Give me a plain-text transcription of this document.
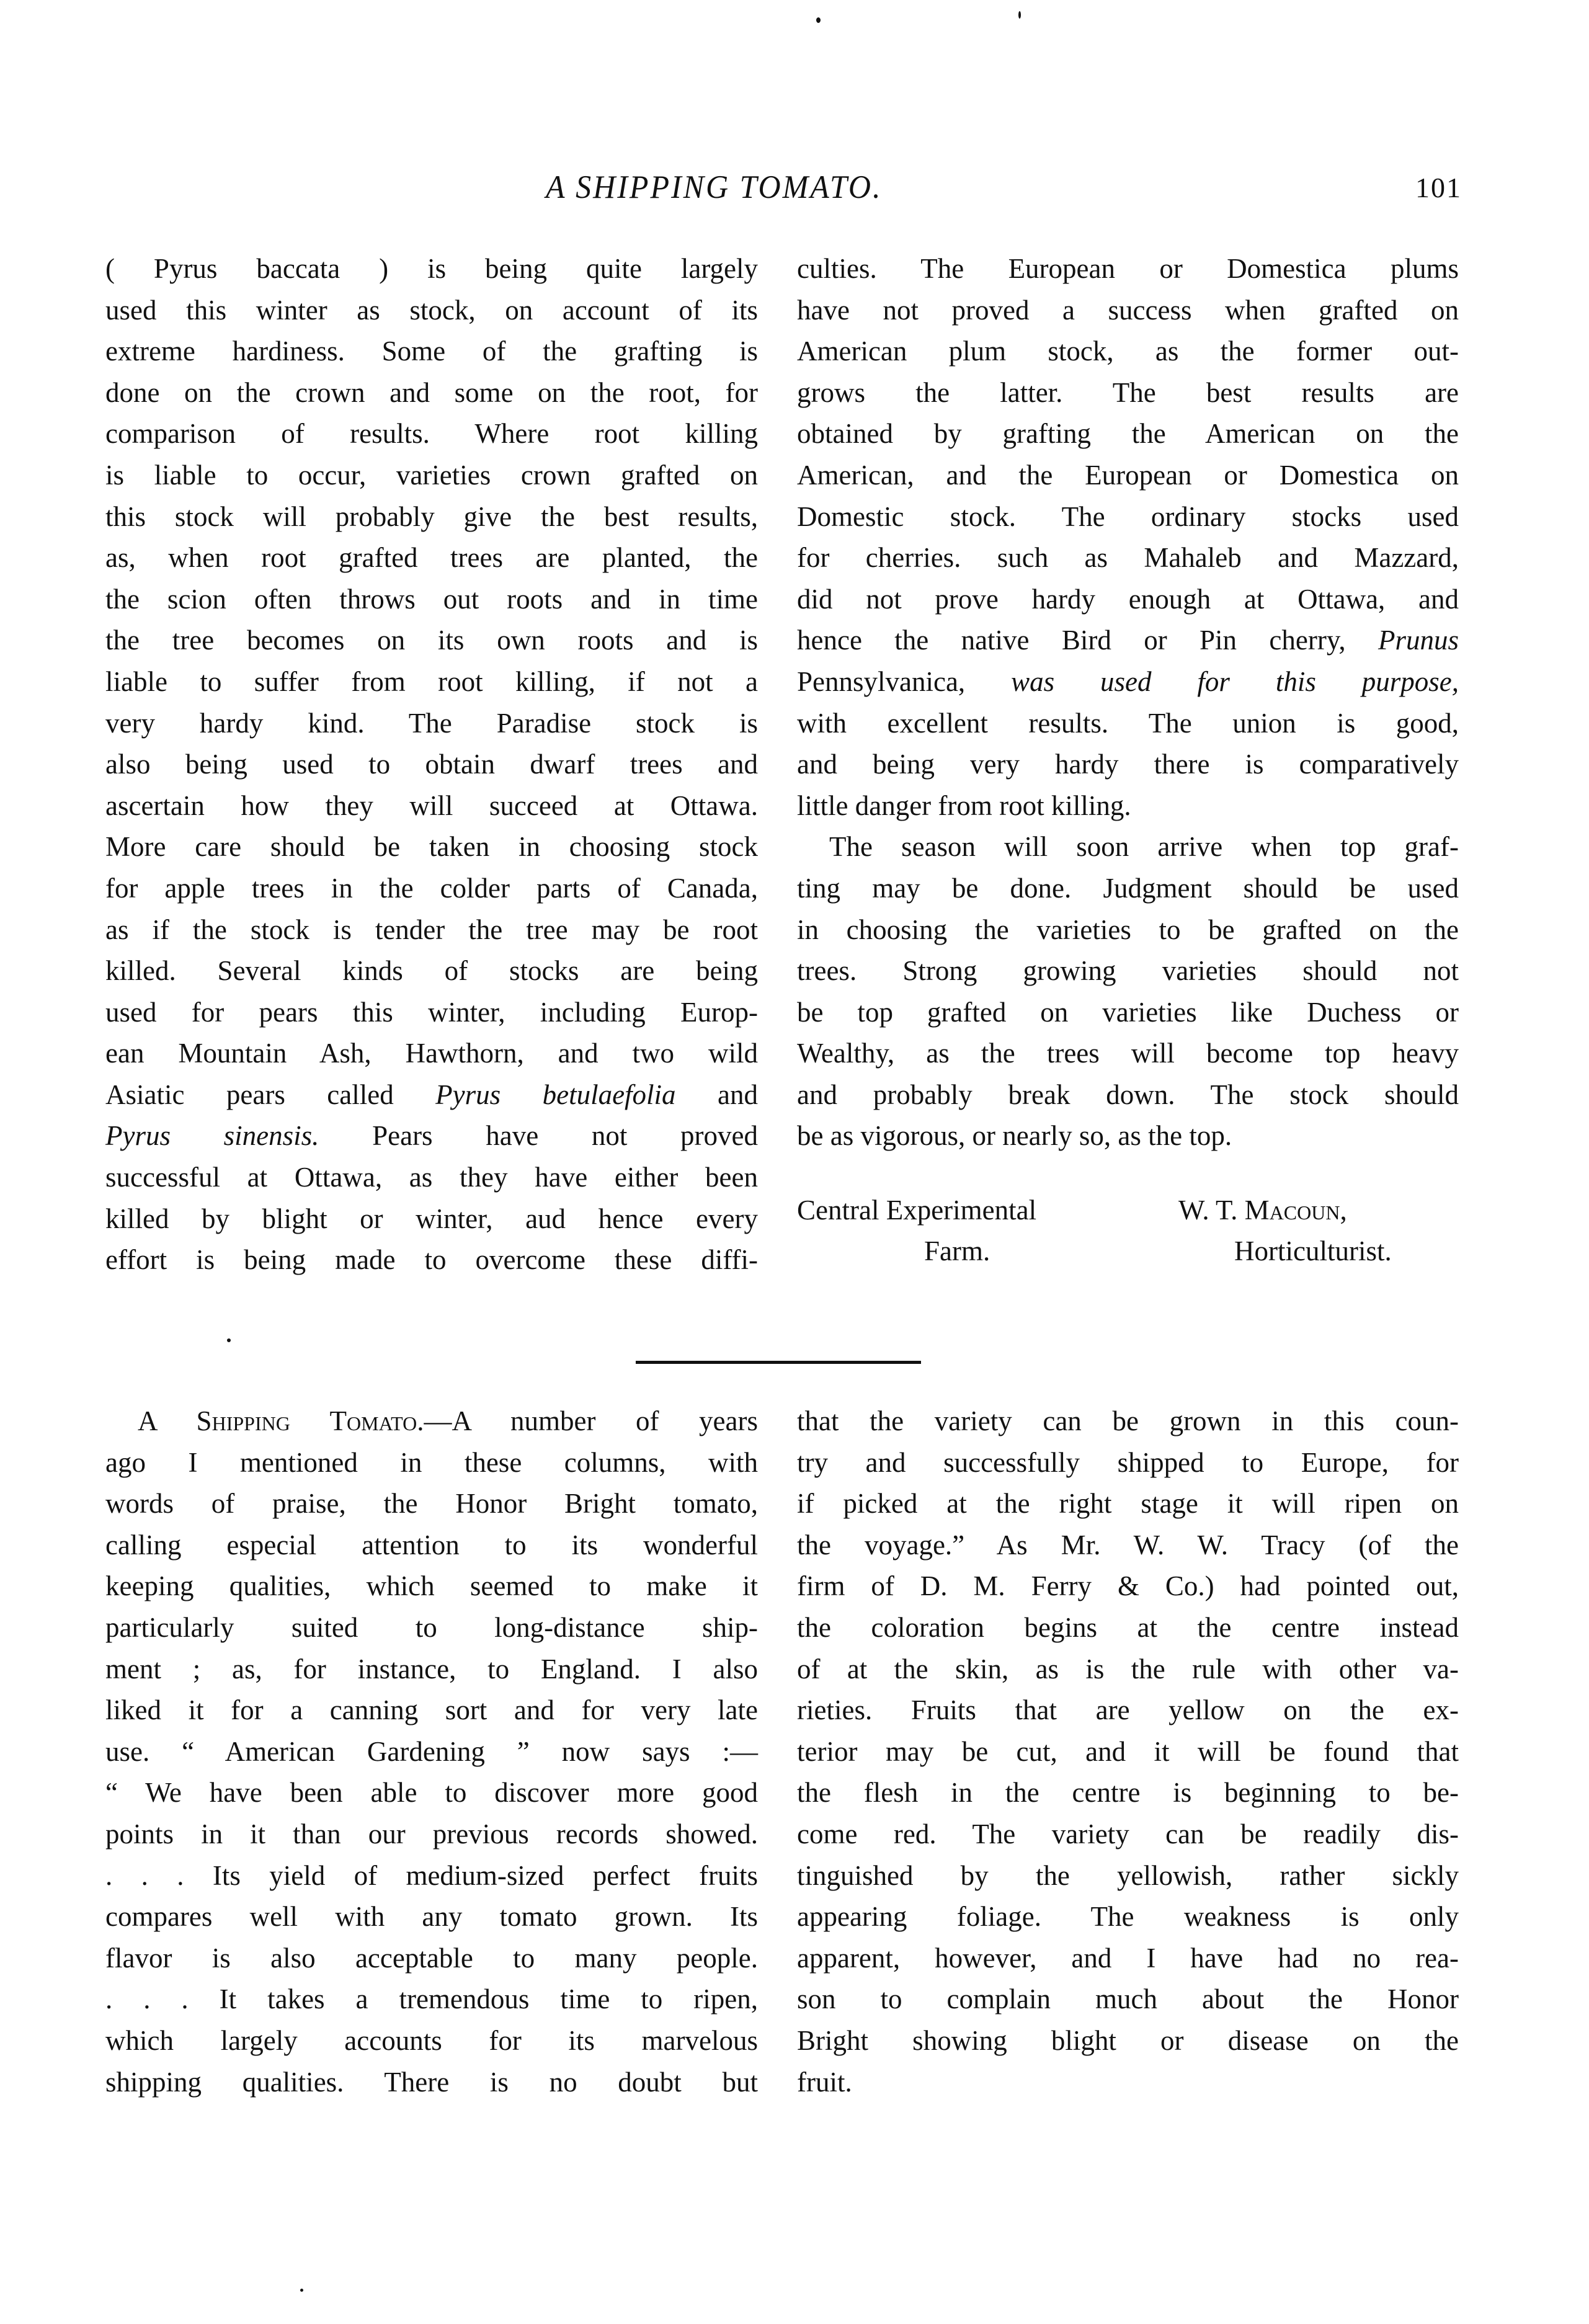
A SHIPPING TOMATO.	101
( Pyrus baccata ) is being quite largely
used this winter as stock, on account of its
extreme hardiness. Some of the grafting is
done on the crown and some on the root, for
comparison of results. Where root killing
is liable to occur, varieties crown grafted on
this stock will probably give the best results,
as, when root grafted trees are planted, the
the scion often throws out roots and in time
the tree becomes on its own roots and is
liable to suffer from root killing, if not a
very hardy kind. The Paradise stock is
also being used to obtain dwarf trees and
ascertain how they will succeed at Ottawa.
More care should be taken in choosing stock
for apple trees in the colder parts of Canada,
as if the stock is tender the tree may be root
killed. Several kinds of stocks are being
used for pears this winter, including Europ-
ean Mountain Ash, Hawthorn, and two wild
Asiatic pears called Pyrus betulaefolia and
Pyrus sinensis. Pears have not proved
successful at Ottawa, as they have either been
killed by blight or winter, aud hence every
effort is being made to overcome these diffi-
culties. The European or Domestica plums
have not proved a success when grafted on
American plum stock, as the former out-
grows the latter. The best results are
obtained by grafting the American on the
American, and the European or Domestica on
Domestic stock. The ordinary stocks used
for cherries. such as Mahaleb and Mazzard,
did not prove hardy enough at Ottawa, and
hence the native Bird or Pin cherry, Prunus
Pennsylvanica, was used for this purpose,
with excellent results. The union is good,
and being very hardy there is comparatively
little danger from root killing.
The season will soon arrive when top graf-
ting may be done. Judgment should be used
in choosing the varieties to be grafted on the
trees. Strong growing varieties should not
be top grafted on varieties like Duchess or
Wealthy, as the trees will become top heavy
and probably break down. The stock should
be as vigorous, or nearly so, as the top.
Central Experimental
Farm.
W. T. Macoun,
Horticulturist.
A Shipping Tomato.—A number of years
ago I mentioned in these columns, with
words of praise, the Honor Bright tomato,
calling especial attention to its wonderful
keeping qualities, which seemed to make it
particularly suited to long-distance ship-
ment ; as, for instance, to England. I also
liked it for a canning sort and for very late
use. “ American Gardening ” now says :—
“ We have been able to discover more good
points in it than our previous records showed.
. . . Its yield of medium-sized perfect fruits
compares well with any tomato grown. Its
flavor is also acceptable to many people.
. . . It takes a tremendous time to ripen,
which largely accounts for its marvelous
shipping qualities. There is no doubt but
that the variety can be grown in this coun-
try and successfully shipped to Europe, for
if picked at the right stage it will ripen on
the voyage.” As Mr. W. W. Tracy (of the
firm of D. M. Ferry & Co.) had pointed out,
the coloration begins at the centre instead
of at the skin, as is the rule with other va-
rieties. Fruits that are yellow on the ex-
terior may be cut, and it will be found that
the flesh in the centre is beginning to be-
come red. The variety can be readily dis-
tinguished by the yellowish, rather sickly
appearing foliage. The weakness is only
apparent, however, and I have had no rea-
son to complain much about the Honor
Bright showing blight or disease on the
fruit.
